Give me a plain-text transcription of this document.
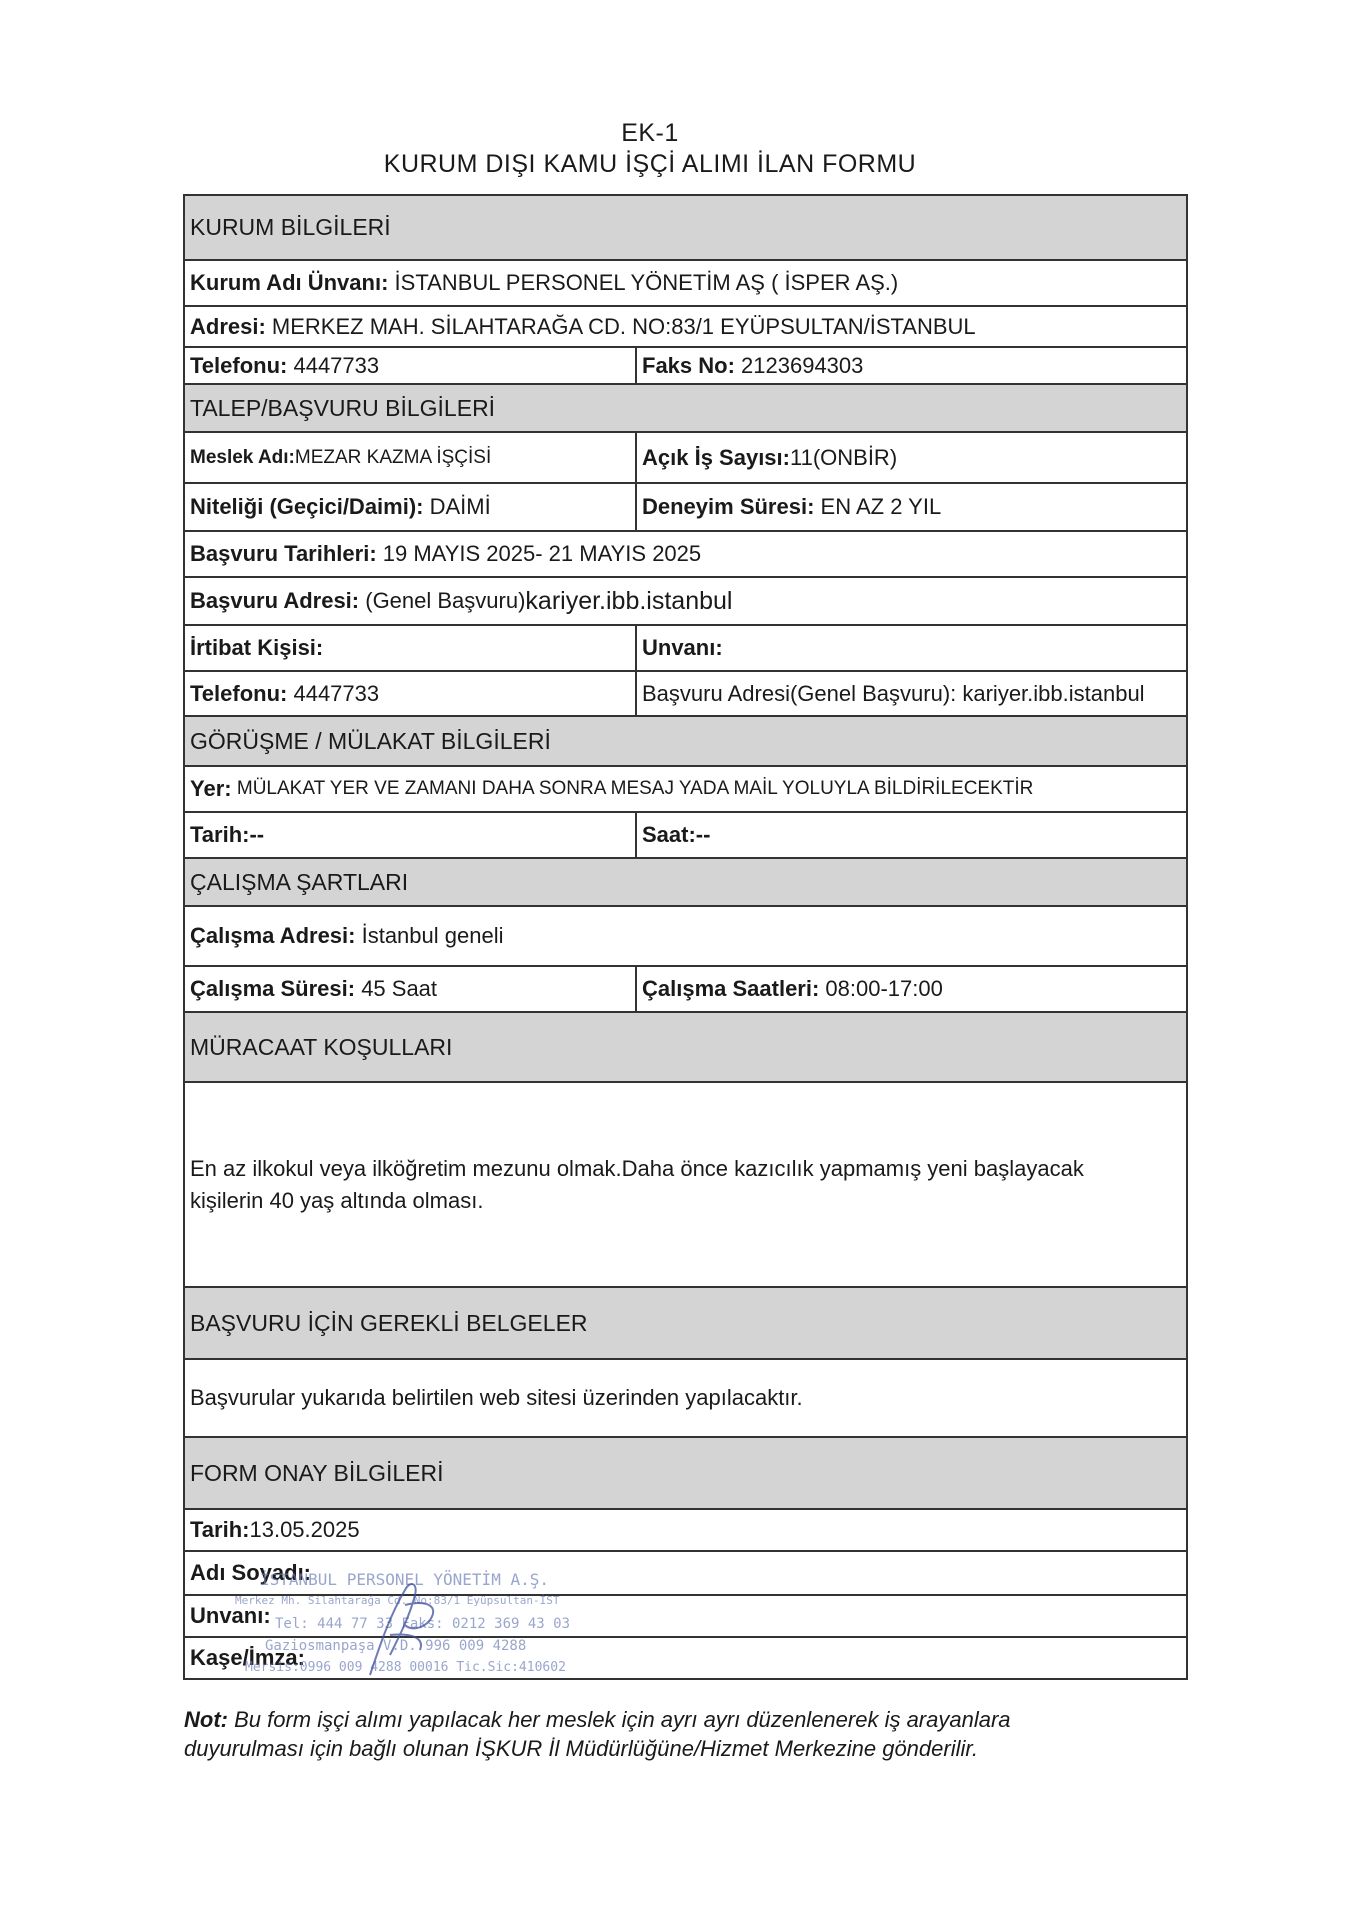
EK-1
KURUM DIŞI KAMU İŞÇİ ALIMI İLAN FORMU
KURUM BİLGİLERİ
Kurum Adı Ünvanı: İSTANBUL PERSONEL YÖNETİM AŞ ( İSPER AŞ.)
Adresi: MERKEZ MAH. SİLAHTARAĞA CD. NO:83/1 EYÜPSULTAN/İSTANBUL
Telefonu: 4447733	Faks No: 2123694303
TALEP/BAŞVURU BİLGİLERİ
Meslek Adı: MEZAR KAZMA İŞÇİSİ	Açık İş Sayısı: 11(ONBİR)
Niteliği (Geçici/Daimi): DAİMİ	Deneyim Süresi: EN AZ 2 YIL
Başvuru Tarihleri: 19 MAYIS 2025- 21 MAYIS 2025
Başvuru Adresi: (Genel Başvuru) kariyer.ibb.istanbul
İrtibat Kişisi:	Unvanı:
Telefonu: 4447733	Başvuru Adresi(Genel Başvuru): kariyer.ibb.istanbul
GÖRÜŞME / MÜLAKAT BİLGİLERİ
Yer: MÜLAKAT YER VE ZAMANI DAHA SONRA MESAJ YADA MAİL YOLUYLA BİLDİRİLECEKTİR
Tarih:--	Saat:--
ÇALIŞMA ŞARTLARI
Çalışma Adresi: İstanbul geneli
Çalışma Süresi: 45 Saat	Çalışma Saatleri: 08:00-17:00
MÜRACAAT KOŞULLARI
En az ilkokul veya ilköğretim mezunu olmak.Daha önce kazıcılık yapmamış yeni başlayacak
kişilerin 40 yaş altında olması.
BAŞVURU İÇİN GEREKLİ BELGELER
Başvurular yukarıda belirtilen web sitesi üzerinden yapılacaktır.
FORM ONAY BİLGİLERİ
Tarih: 13.05.2025
Adı Soyadı:
Unvanı:
Kaşe/İmza:
İSTANBUL PERSONEL YÖNETİM A.Ş.
Merkez Mh. Silahtarağa Cd. No:83/1 Eyüpsultan-İST
Tel: 444 77 33 Faks: 0212 369 43 03
Gaziosmanpaşa V.D. 996 009 4288
Mersis:0996 009 4288 00016 Tic.Sic:410602
Not: Bu form işçi alımı yapılacak her meslek için ayrı ayrı düzenlenerek iş arayanlara duyurulması için bağlı olunan İŞKUR İl Müdürlüğüne/Hizmet Merkezine gönderilir.
